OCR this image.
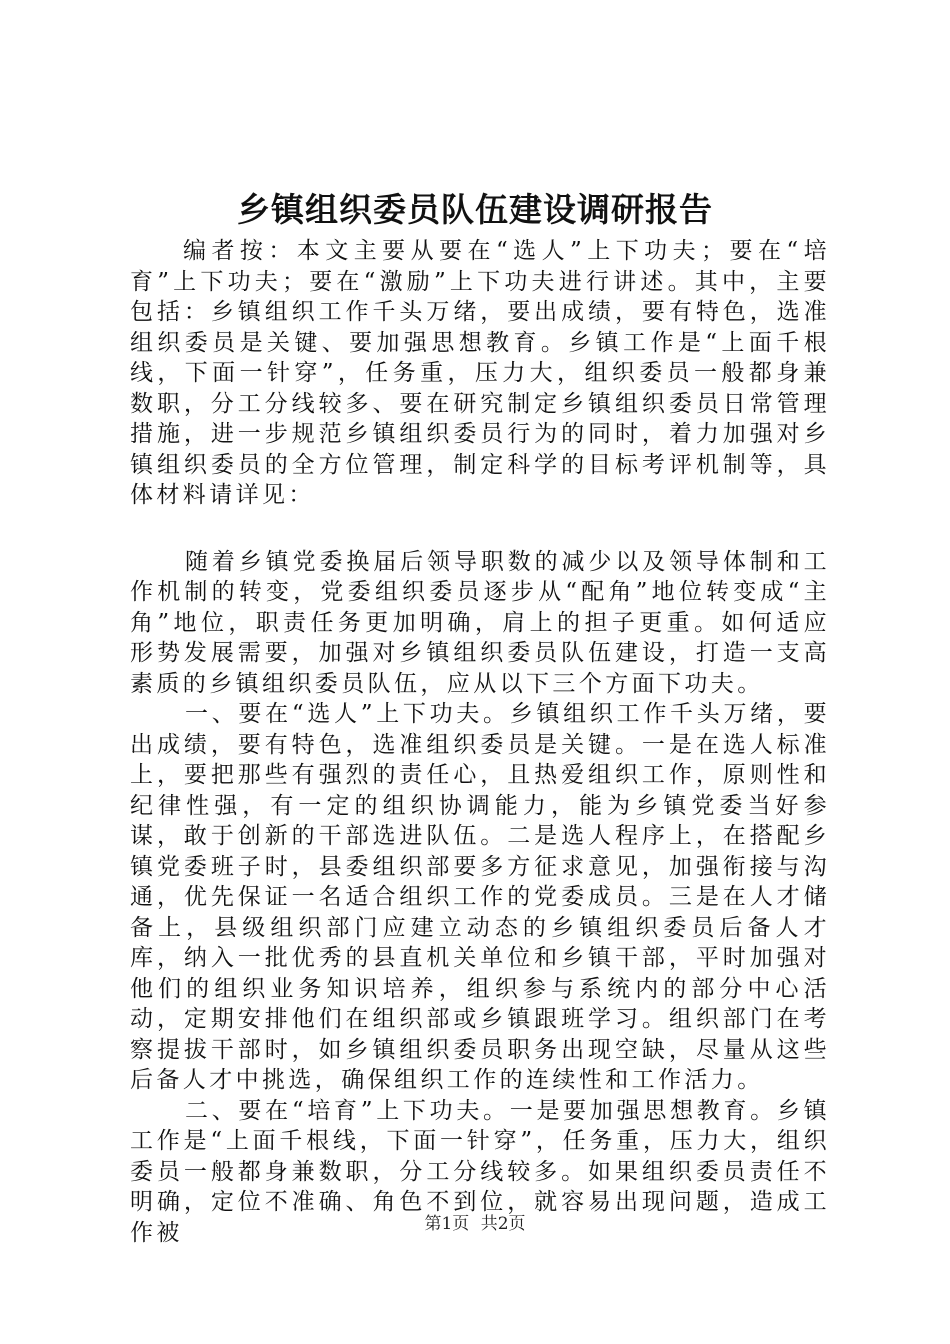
乡镇组织委员队伍建设调研报告

编者按：本文主要从要在“选人”上下功夫；要在“培育”上下功夫；要在“激励”上下功夫进行讲述。其中，主要包括：乡镇组织工作千头万绪，要出成绩，要有特色，选准组织委员是关键、要加强思想教育。乡镇工作是“上面千根线，下面一针穿”，任务重，压力大，组织委员一般都身兼数职，分工分线较多、要在研究制定乡镇组织委员日常管理措施，进一步规范乡镇组织委员行为的同时，着力加强对乡镇组织委员的全方位管理，制定科学的目标考评机制等，具体材料请详见：

随着乡镇党委换届后领导职数的减少以及领导体制和工作机制的转变，党委组织委员逐步从“配角”地位转变成“主角”地位，职责任务更加明确，肩上的担子更重。如何适应形势发展需要，加强对乡镇组织委员队伍建设，打造一支高素质的乡镇组织委员队伍，应从以下三个方面下功夫。

一、要在“选人”上下功夫。乡镇组织工作千头万绪，要出成绩，要有特色，选准组织委员是关键。一是在选人标准上，要把那些有强烈的责任心，且热爱组织工作，原则性和纪律性强，有一定的组织协调能力，能为乡镇党委当好参谋，敢于创新的干部选进队伍。二是选人程序上，在搭配乡镇党委班子时，县委组织部要多方征求意见，加强衔接与沟通，优先保证一名适合组织工作的党委成员。三是在人才储备上，县级组织部门应建立动态的乡镇组织委员后备人才库，纳入一批优秀的县直机关单位和乡镇干部，平时加强对他们的组织业务知识培养，组织参与系统内的部分中心活动，定期安排他们在组织部或乡镇跟班学习。组织部门在考察提拔干部时，如乡镇组织委员职务出现空缺，尽量从这些后备人才中挑选，确保组织工作的连续性和工作活力。

二、要在“培育”上下功夫。一是要加强思想教育。乡镇工作是“上面千根线，下面一针穿”，任务重，压力大，组织委员一般都身兼数职，分工分线较多。如果组织委员责任不明确，定位不准确、角色不到位，就容易出现问题，造成工作被	第1页 共2页
